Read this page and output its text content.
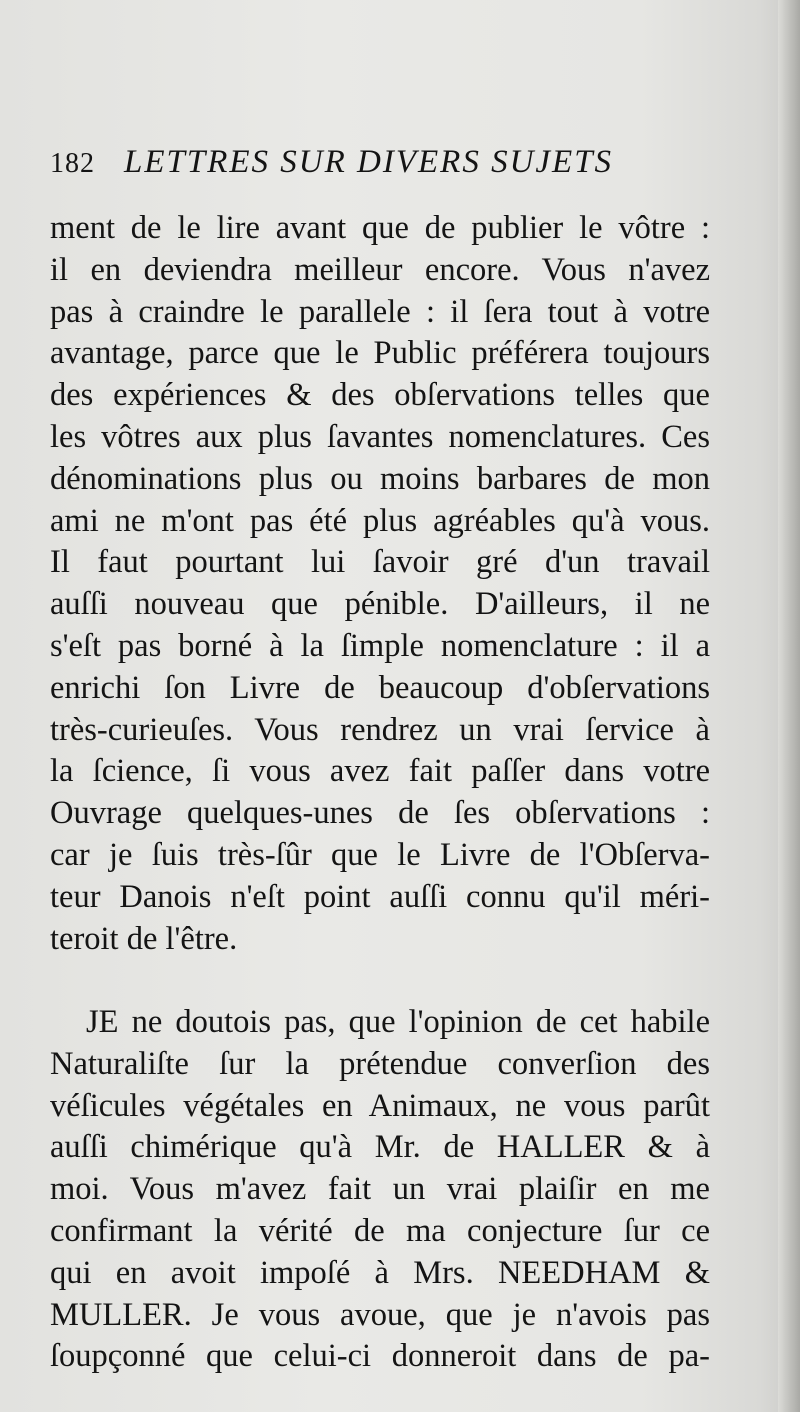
182 LETTRES SUR DIVERS SUJETS
ment de le lire avant que de publier le vôtre :
il en deviendra meilleur encore. Vous n'avez
pas à craindre le parallele : il ſera tout à votre
avantage, parce que le Public préférera toujours
des expériences & des obſervations telles que
les vôtres aux plus ſavantes nomenclatures. Ces
dénominations plus ou moins barbares de mon
ami ne m'ont pas été plus agréables qu'à vous.
Il faut pourtant lui ſavoir gré d'un travail
auſſi nouveau que pénible. D'ailleurs, il ne
s'eſt pas borné à la ſimple nomenclature : il a
enrichi ſon Livre de beaucoup d'obſervations
très-curieuſes. Vous rendrez un vrai ſervice à
la ſcience, ſi vous avez fait paſſer dans votre
Ouvrage quelques-unes de ſes obſervations :
car je ſuis très-ſûr que le Livre de l'Obſerva-
teur Danois n'eſt point auſſi connu qu'il méri-
teroit de l'être.
JE ne doutois pas, que l'opinion de cet habile
Naturaliſte ſur la prétendue converſion des
véſicules végétales en Animaux, ne vous parût
auſſi chimérique qu'à Mr. de HALLER & à
moi. Vous m'avez fait un vrai plaiſir en me
confirmant la vérité de ma conjecture ſur ce
qui en avoit impoſé à Mrs. NEEDHAM &
MULLER. Je vous avoue, que je n'avois pas
ſoupçonné que celui-ci donneroit dans de pa-
